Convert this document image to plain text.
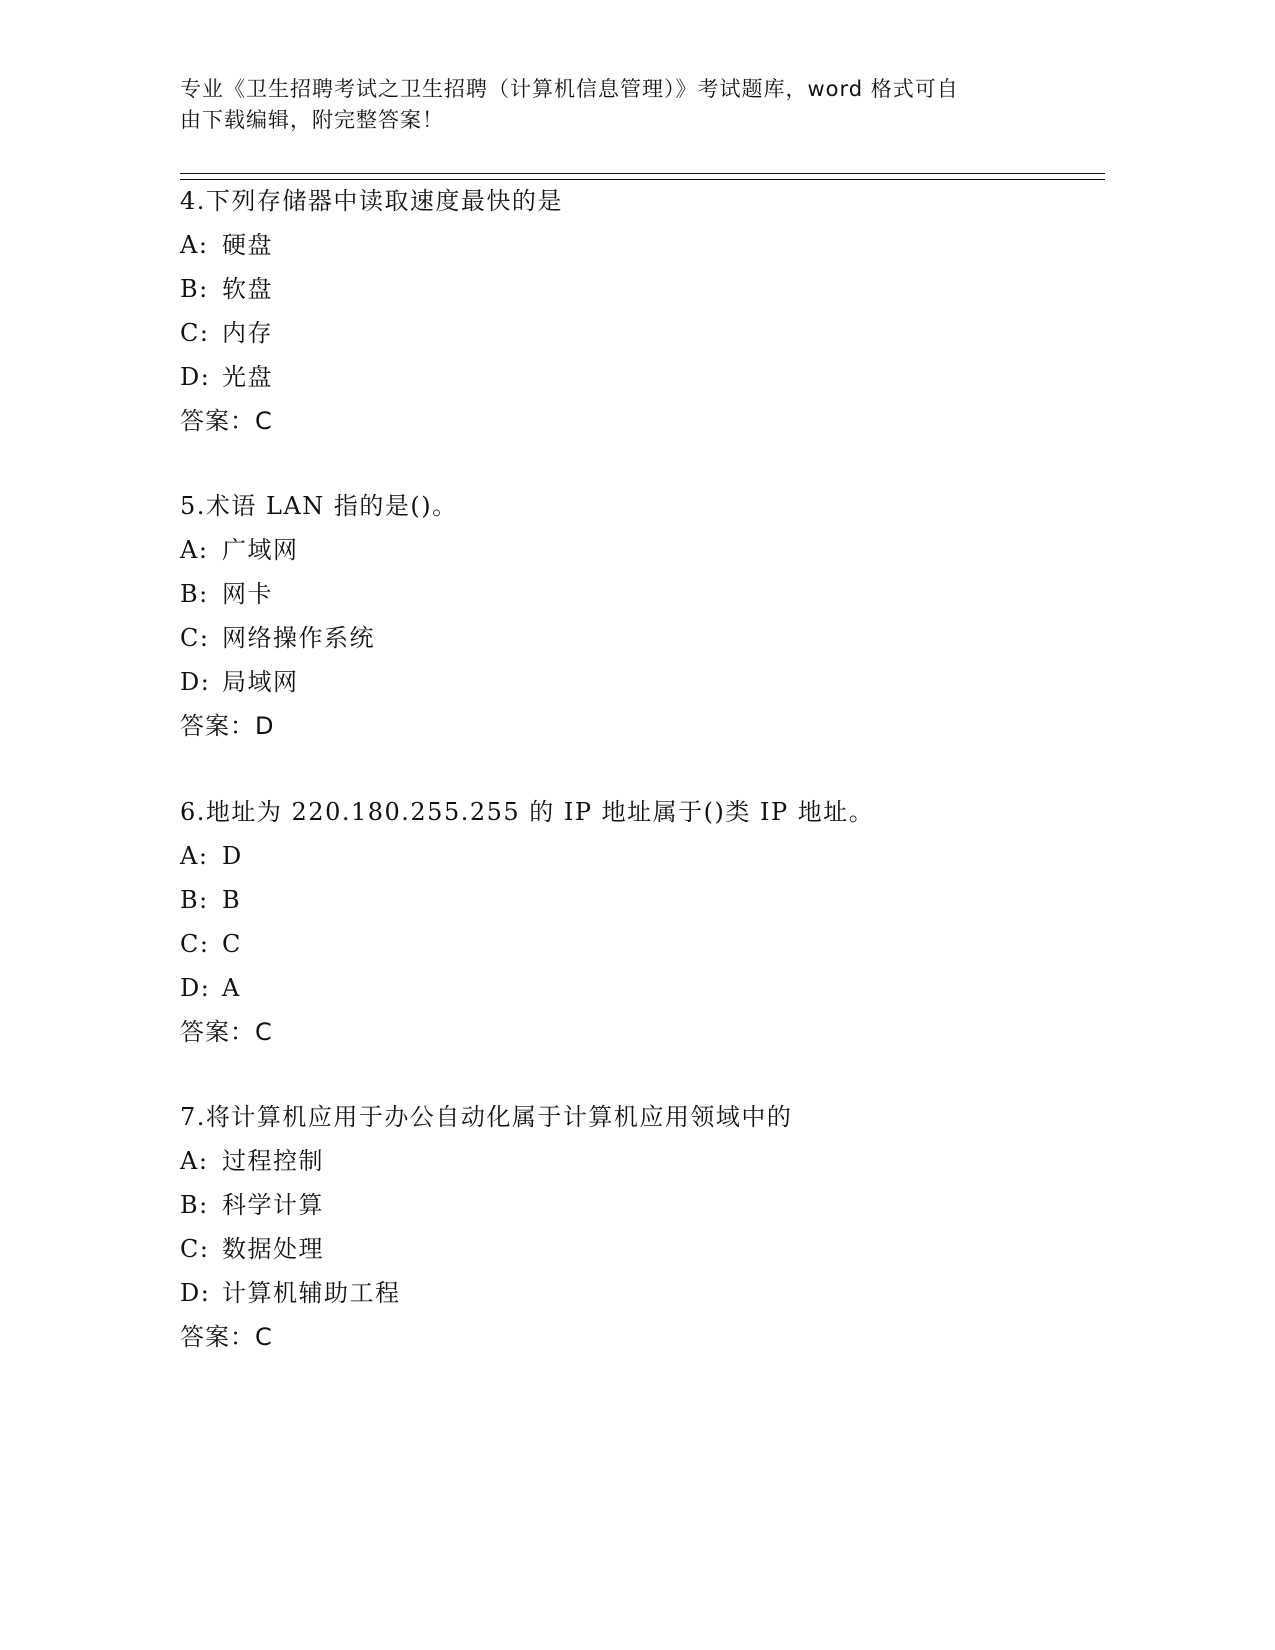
专业《卫生招聘考试之卫生招聘（计算机信息管理）》考试题库，word 格式可自
由下载编辑，附完整答案！
4.下列存储器中读取速度最快的是
A: 硬盘
B: 软盘
C: 内存
D: 光盘
答案：C
5.术语 LAN 指的是()。
A: 广域网
B: 网卡
C: 网络操作系统
D: 局域网
答案：D
6.地址为 220.180.255.255 的 IP 地址属于()类 IP 地址。
A: D
B: B
C: C
D: A
答案：C
7.将计算机应用于办公自动化属于计算机应用领域中的
A: 过程控制
B: 科学计算
C: 数据处理
D: 计算机辅助工程
答案：C
